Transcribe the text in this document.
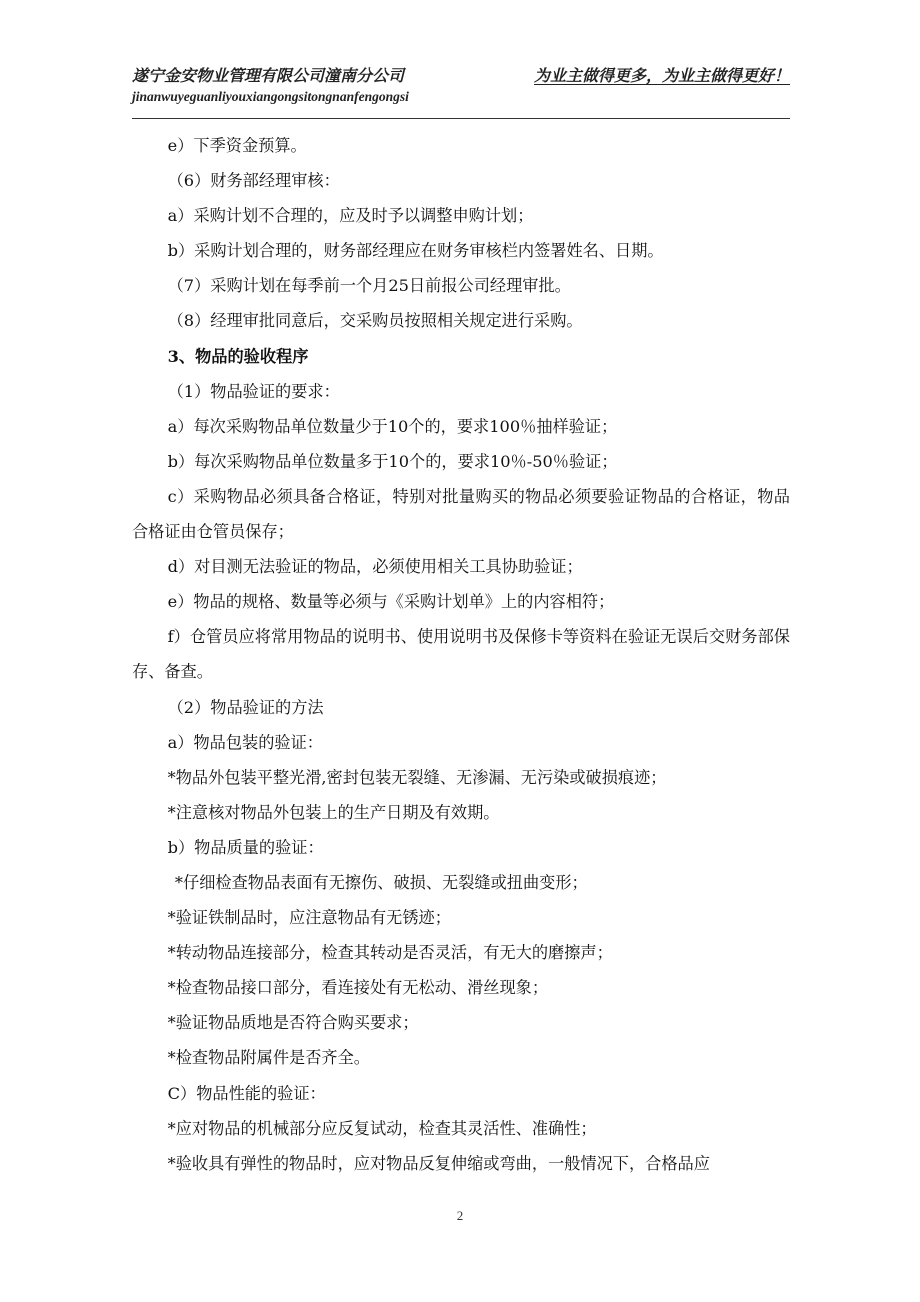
遂宁金安物业管理有限公司潼南分公司
jinanwuyeguanliyouxiangongsitongnanfengongsi
为业主做得更多，为业主做得更好！

e）下季资金预算。

（6）财务部经理审核：

a）采购计划不合理的，应及时予以调整申购计划；

b）采购计划合理的，财务部经理应在财务审核栏内签署姓名、日期。

（7）采购计划在每季前一个月25日前报公司经理审批。

（8）经理审批同意后，交采购员按照相关规定进行采购。

3、物品的验收程序

（1）物品验证的要求：

a）每次采购物品单位数量少于10个的，要求100％抽样验证；

b）每次采购物品单位数量多于10个的，要求10％-50％验证；

c）采购物品必须具备合格证，特别对批量购买的物品必须要验证物品的合格证，物品合格证由仓管员保存；

d）对目测无法验证的物品，必须使用相关工具协助验证；

e）物品的规格、数量等必须与《采购计划单》上的内容相符；

f）仓管员应将常用物品的说明书、使用说明书及保修卡等资料在验证无误后交财务部保存、备查。

（2）物品验证的方法

a）物品包装的验证：

*物品外包装平整光滑,密封包装无裂缝、无渗漏、无污染或破损痕迹；

*注意核对物品外包装上的生产日期及有效期。

b）物品质量的验证：

*仔细检查物品表面有无擦伤、破损、无裂缝或扭曲变形；

*验证铁制品时，应注意物品有无锈迹；

*转动物品连接部分，检查其转动是否灵活，有无大的磨擦声；

*检查物品接口部分，看连接处有无松动、滑丝现象；

*验证物品质地是否符合购买要求；

*检查物品附属件是否齐全。

C）物品性能的验证：

*应对物品的机械部分应反复试动，检查其灵活性、准确性；

*验收具有弹性的物品时，应对物品反复伸缩或弯曲，一般情况下，合格品应

2
